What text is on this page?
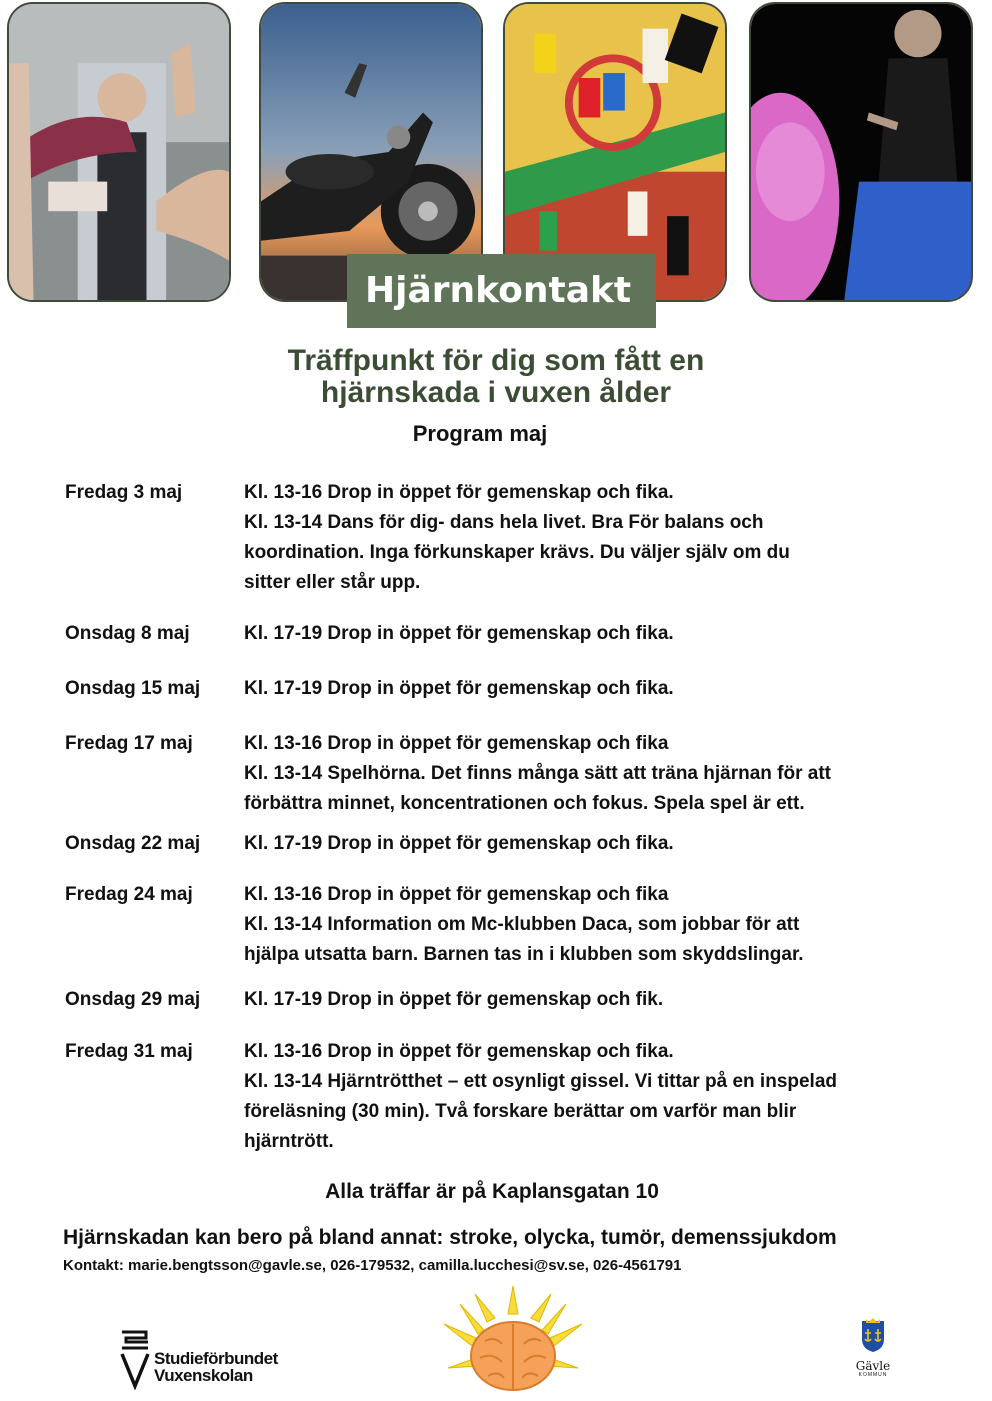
Hjärnkontakt
Träffpunkt för dig som fått en
hjärnskada i vuxen ålder
Program maj
Fredag 3 maj	Kl. 13-16 Drop in öppet för gemenskap och fika.
Kl. 13-14 Dans för dig- dans hela livet. Bra För balans och
koordination. Inga förkunskaper krävs. Du väljer själv om du
sitter eller står upp.
Onsdag 8 maj	Kl. 17-19 Drop in öppet för gemenskap och fika.
Onsdag 15 maj	Kl. 17-19 Drop in öppet för gemenskap och fika.
Fredag 17 maj	Kl. 13-16 Drop in öppet för gemenskap och fika
Kl. 13-14 Spelhörna. Det finns många sätt att träna hjärnan för att
förbättra minnet, koncentrationen och fokus. Spela spel är ett.
Onsdag 22 maj	Kl. 17-19 Drop in öppet för gemenskap och fika.
Fredag 24 maj	Kl. 13-16 Drop in öppet för gemenskap och fika
Kl. 13-14 Information om Mc-klubben Daca, som jobbar för att
hjälpa utsatta barn. Barnen tas in i klubben som skyddslingar.
Onsdag 29 maj	Kl. 17-19 Drop in öppet för gemenskap och fik.
Fredag 31 maj	Kl. 13-16 Drop in öppet för gemenskap och fika.
Kl. 13-14 Hjärntrötthet – ett osynligt gissel. Vi tittar på en inspelad
föreläsning (30 min). Två forskare berättar om varför man blir
hjärntrött.
Alla träffar är på Kaplansgatan 10
Hjärnskadan kan bero på bland annat: stroke, olycka, tumör, demenssjukdom
Kontakt: marie.bengtsson@gavle.se, 026-179532, camilla.lucchesi@sv.se, 026-4561791
Studieförbundet
Vuxenskolan	Gävle
KOMMUN
